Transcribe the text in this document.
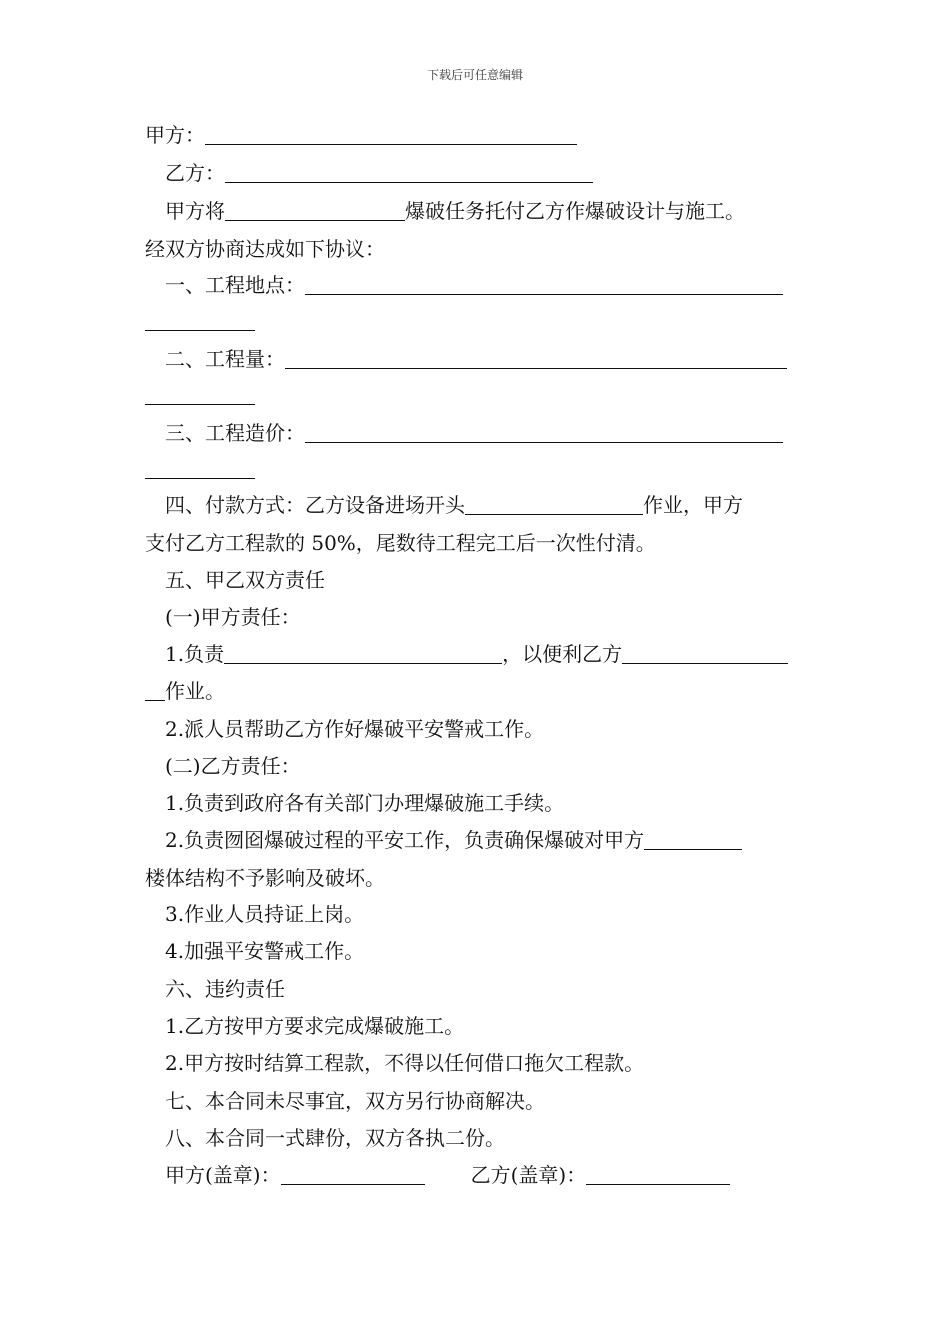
下载后可任意编辑
甲方：
乙方：
甲方将	爆破任务托付乙方作爆破设计与施工。
经双方协商达成如下协议：
一、工程地点：
二、工程量：
三、工程造价：
四、付款方式：乙方设备进场开头	作业，甲方
支付乙方工程款的 50%，尾数待工程完工后一次性付清。
五、甲乙双方责任
(一)甲方责任：
1.负责	，以便利乙方
作业。
2.派人员帮助乙方作好爆破平安警戒工作。
(二)乙方责任：
1.负责到政府各有关部门办理爆破施工手续。
2.负责囫囵爆破过程的平安工作，负责确保爆破对甲方
楼体结构不予影响及破坏。
3.作业人员持证上岗。
4.加强平安警戒工作。
六、违约责任
1.乙方按甲方要求完成爆破施工。
2.甲方按时结算工程款，不得以任何借口拖欠工程款。
七、本合同未尽事宜，双方另行协商解决。
八、本合同一式肆份，双方各执二份。
甲方(盖章)：	乙方(盖章)：
